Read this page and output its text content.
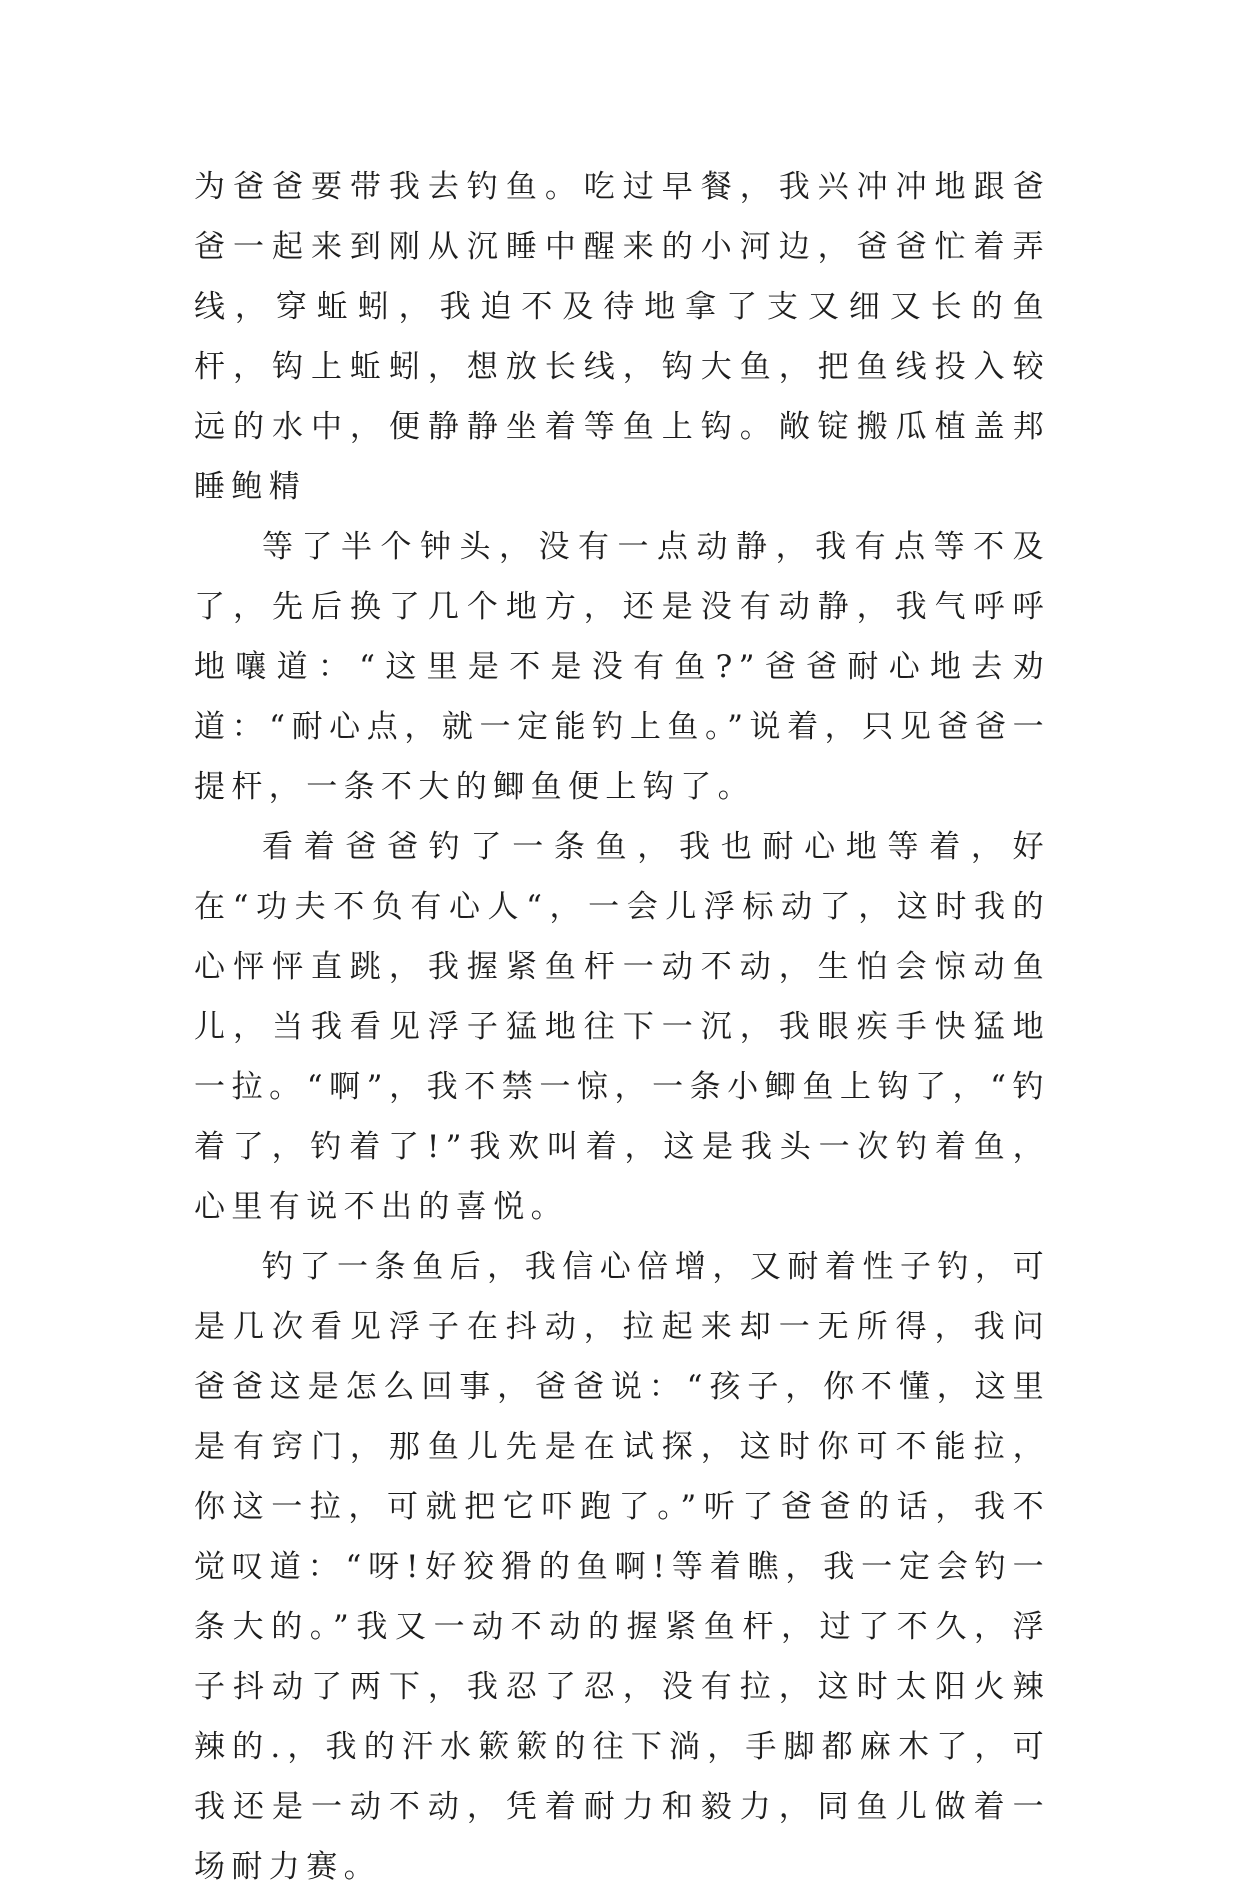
为爸爸要带我去钓鱼。吃过早餐，我兴冲冲地跟爸爸一起来到刚从沉睡中醒来的小河边，爸爸忙着弄线，穿蚯蚓，我迫不及待地拿了支又细又长的鱼杆，钩上蚯蚓，想放长线，钩大鱼，把鱼线投入较远的水中，便静静坐着等鱼上钩。敞锭搬瓜植盖邦睡鲍精

等了半个钟头，没有一点动静，我有点等不及了，先后换了几个地方，还是没有动静，我气呼呼地嚷道：“这里是不是没有鱼?”爸爸耐心地去劝道：“耐心点，就一定能钓上鱼。”说着，只见爸爸一提杆，一条不大的鲫鱼便上钩了。

看着爸爸钓了一条鱼，我也耐心地等着，好在“功夫不负有心人“，一会儿浮标动了，这时我的心怦怦直跳，我握紧鱼杆一动不动，生怕会惊动鱼儿，当我看见浮子猛地往下一沉，我眼疾手快猛地一拉。“啊”，我不禁一惊，一条小鲫鱼上钩了，“钓着了，钓着了!”我欢叫着，这是我头一次钓着鱼，心里有说不出的喜悦。

钓了一条鱼后，我信心倍增，又耐着性子钓，可是几次看见浮子在抖动，拉起来却一无所得，我问爸爸这是怎么回事，爸爸说：“孩子，你不懂，这里是有窍门，那鱼儿先是在试探，这时你可不能拉，你这一拉，可就把它吓跑了。”听了爸爸的话，我不觉叹道：“呀!好狡猾的鱼啊!等着瞧，我一定会钓一条大的。”我又一动不动的握紧鱼杆，过了不久，浮子抖动了两下，我忍了忍，没有拉，这时太阳火辣辣的.，我的汗水簌簌的往下淌，手脚都麻木了，可我还是一动不动，凭着耐力和毅力，同鱼儿做着一场耐力赛。
